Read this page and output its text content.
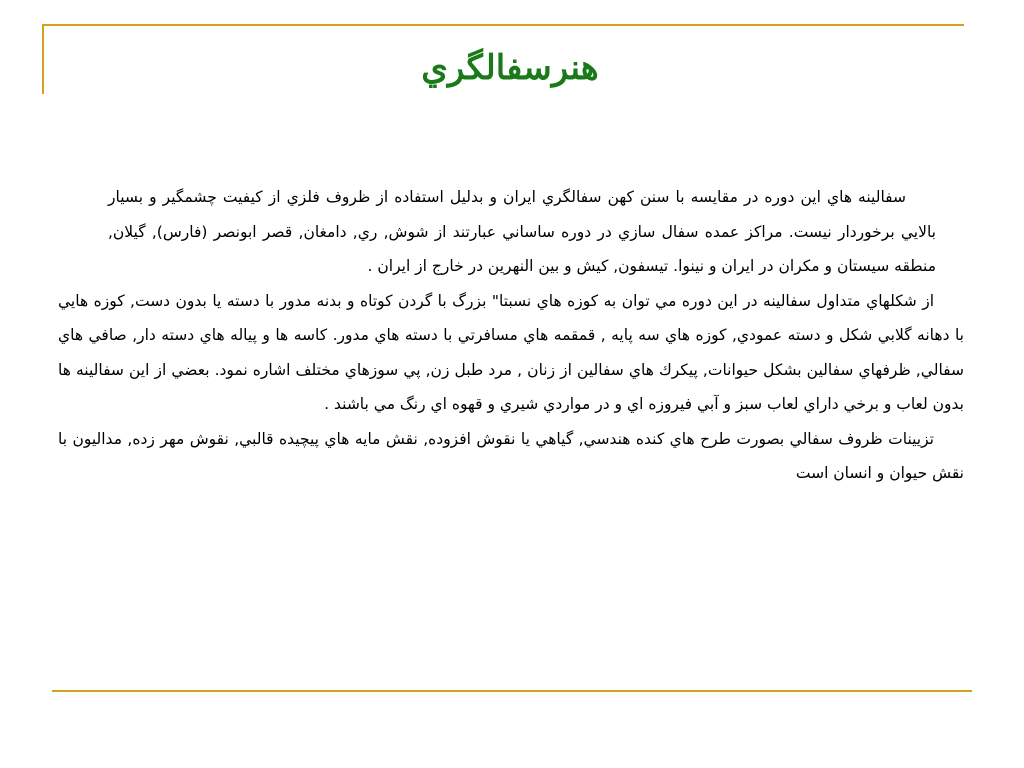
هنرسفالگري

سفالينه هاي اين دوره در مقايسه با سنن كهن سفالگري ايران و بدليل استفاده از ظروف فلزي از كيفيت چشمگير و بسيار بالايي برخوردار نيست. مراكز عمده سفال سازي در دوره ساساني عبارتند از شوش, ري, دامغان, قصر ابونصر (فارس), گيلان, منطقه سيستان و مكران در ايران و نينوا. تيسفون, كيش و بين النهرين در خارج از ايران .

از شكلهاي متداول سفالينه در اين دوره مي توان به كوزه هاي نسبتا" بزرگ با گردن كوتاه و بدنه مدور با دسته يا بدون دست, كوزه هايي با دهانه گلابي شكل و دسته عمودي, كوزه هاي سه پايه , قمقمه هاي مسافرتي با دسته هاي مدور. كاسه ها و پياله هاي دسته دار, صافي هاي سفالي, ظرفهاي سفالين بشكل حيوانات, پيكرك هاي سفالين از زنان , مرد طبل زن, پي سوزهاي مختلف اشاره نمود. بعضي از اين سفالينه ها بدون لعاب و برخي داراي لعاب سبز و آبي فيروزه اي و در مواردي شيري و قهوه اي رنگ مي باشند .

تزيينات ظروف سفالي بصورت طرح هاي كنده هندسي, گياهي يا نقوش افزوده, نقش مايه هاي پيچيده قالبي, نقوش مهر زده, مداليون با نقش حيوان و انسان است
